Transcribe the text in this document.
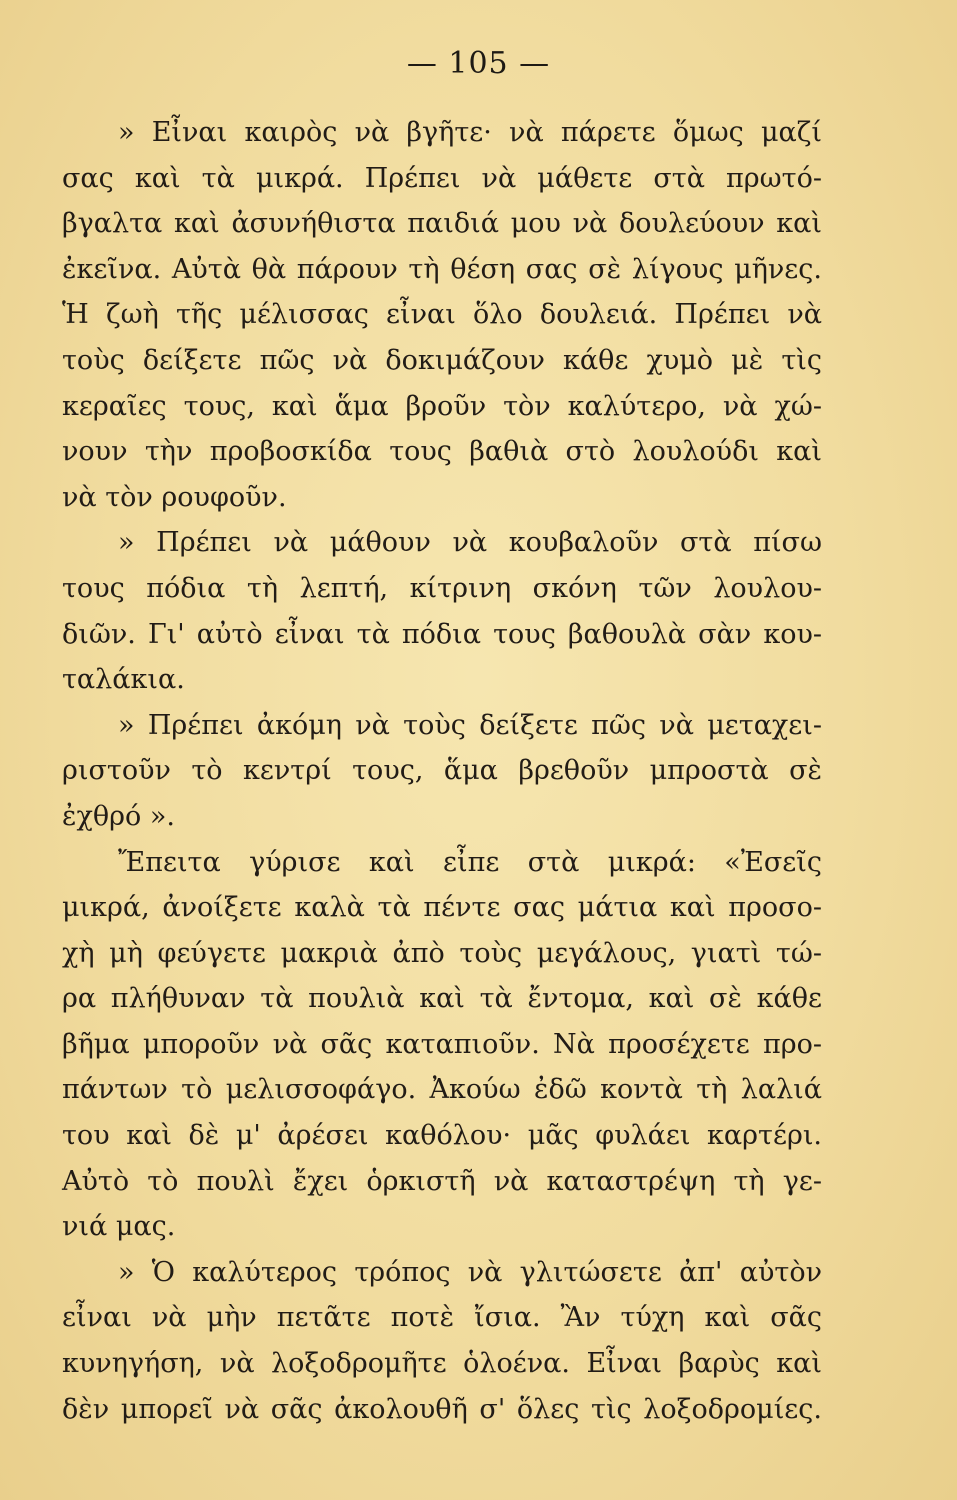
— 105 —
» Εἶναι καιρὸς νὰ βγῆτε· νὰ πάρετε ὅμως μαζί
σας καὶ τὰ μικρά. Πρέπει νὰ μάθετε στὰ πρωτό-
βγαλτα καὶ ἀσυνήθιστα παιδιά μου νὰ δουλεύουν καὶ
ἐκεῖνα. Αὐτὰ θὰ πάρουν τὴ θέση σας σὲ λίγους μῆνες.
Ἡ ζωὴ τῆς μέλισσας εἶναι ὅλο δουλειά. Πρέπει νὰ
τοὺς δείξετε πῶς νὰ δοκιμάζουν κάθε χυμὸ μὲ τὶς
κεραῖες τους, καὶ ἅμα βροῦν τὸν καλύτερο, νὰ χώ-
νουν τὴν προβοσκίδα τους βαθιὰ στὸ λουλούδι καὶ
νὰ τὸν ρουφοῦν.
» Πρέπει νὰ μάθουν νὰ κουβαλοῦν στὰ πίσω
τους πόδια τὴ λεπτή, κίτρινη σκόνη τῶν λουλου-
διῶν. Γι' αὐτὸ εἶναι τὰ πόδια τους βαθουλὰ σὰν κου-
ταλάκια.
» Πρέπει ἀκόμη νὰ τοὺς δείξετε πῶς νὰ μεταχει-
ριστοῦν τὸ κεντρί τους, ἅμα βρεθοῦν μπροστὰ σὲ
ἐχθρό ».
Ἔπειτα γύρισε καὶ εἶπε στὰ μικρά: «Ἐσεῖς
μικρά, ἀνοίξετε καλὰ τὰ πέντε σας μάτια καὶ προσο-
χὴ μὴ φεύγετε μακριὰ ἀπὸ τοὺς μεγάλους, γιατὶ τώ-
ρα πλήθυναν τὰ πουλιὰ καὶ τὰ ἔντομα, καὶ σὲ κάθε
βῆμα μποροῦν νὰ σᾶς καταπιοῦν. Νὰ προσέχετε προ-
πάντων τὸ μελισσοφάγο. Ἀκούω ἐδῶ κοντὰ τὴ λαλιά
του καὶ δὲ μ' ἀρέσει καθόλου· μᾶς φυλάει καρτέρι.
Αὐτὸ τὸ πουλὶ ἔχει ὁρκιστῆ νὰ καταστρέψη τὴ γε-
νιά μας.
» Ὁ καλύτερος τρόπος νὰ γλιτώσετε ἀπ' αὐτὸν
εἶναι νὰ μὴν πετᾶτε ποτὲ ἴσια. Ἂν τύχη καὶ σᾶς
κυνηγήση, νὰ λοξοδρομῆτε ὁλοένα. Εἶναι βαρὺς καὶ
δὲν μπορεῖ νὰ σᾶς ἀκολουθῆ σ' ὅλες τὶς λοξοδρομίες.
